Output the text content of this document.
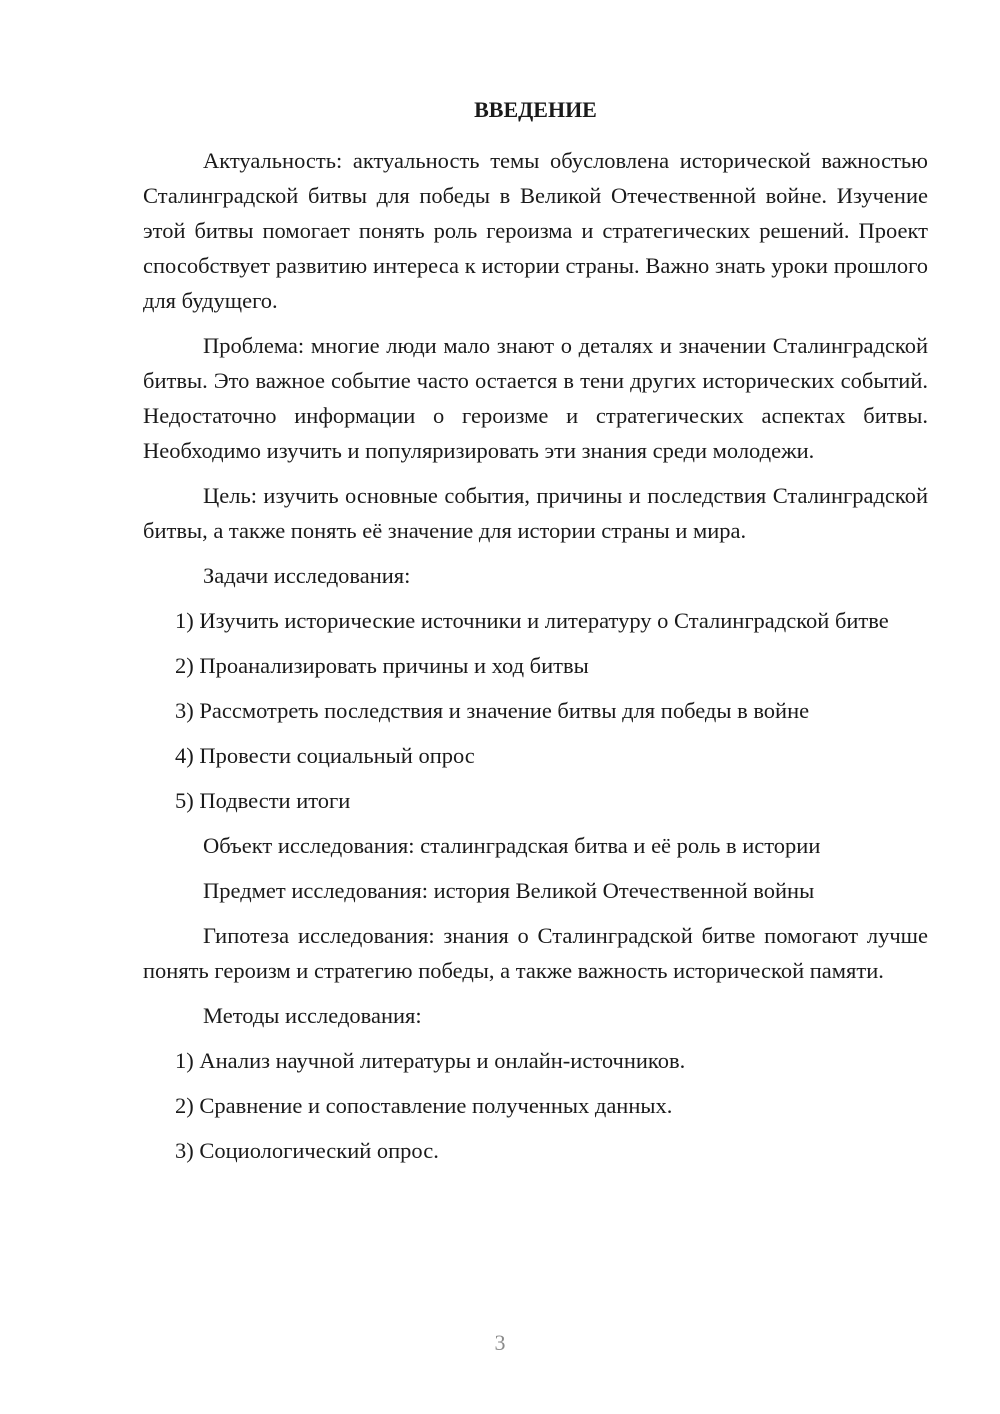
ВВЕДЕНИЕ

Актуальность: актуальность темы обусловлена исторической важностью Сталинградской битвы для победы в Великой Отечественной войне. Изучение этой битвы помогает понять роль героизма и стратегических решений. Проект способствует развитию интереса к истории страны. Важно знать уроки прошлого для будущего.

Проблема: многие люди мало знают о деталях и значении Сталинградской битвы. Это важное событие часто остается в тени других исторических событий. Недостаточно информации о героизме и стратегических аспектах битвы. Необходимо изучить и популяризировать эти знания среди молодежи.

Цель: изучить основные события, причины и последствия Сталинградской битвы, а также понять её значение для истории страны и мира.

Задачи исследования:

1) Изучить исторические источники и литературу о Сталинградской битве

2) Проанализировать причины и ход битвы

3) Рассмотреть последствия и значение битвы для победы в войне

4) Провести социальный опрос

5) Подвести итоги

Объект исследования: сталинградская битва и её роль в истории

Предмет исследования: история Великой Отечественной войны

Гипотеза исследования: знания о Сталинградской битве помогают лучше понять героизм и стратегию победы, а также важность исторической памяти.

Методы исследования:

1) Анализ научной литературы и онлайн-источников.

2) Сравнение и сопоставление полученных данных.

3) Социологический опрос.

3
